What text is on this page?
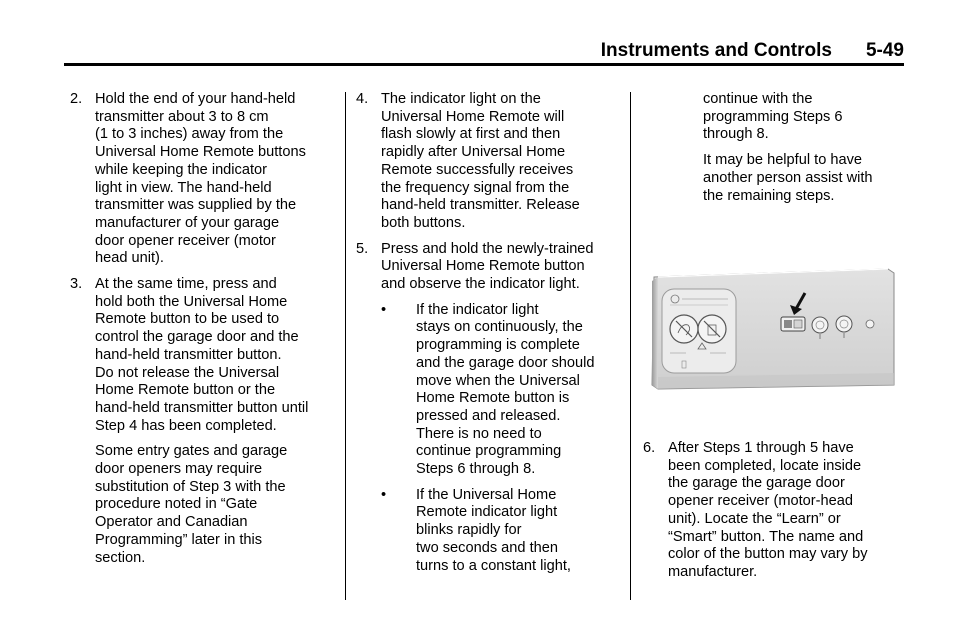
Instruments and Controls 5-49
2. Hold the end of your hand-held
transmitter about 3 to 8 cm
(1 to 3 inches) away from the
Universal Home Remote buttons
while keeping the indicator
light in view. The hand-held
transmitter was supplied by the
manufacturer of your garage
door opener receiver (motor
head unit).
3. At the same time, press and
hold both the Universal Home
Remote button to be used to
control the garage door and the
hand-held transmitter button.
Do not release the Universal
Home Remote button or the
hand-held transmitter button until
Step 4 has been completed.

Some entry gates and garage
door openers may require
substitution of Step 3 with the
procedure noted in “Gate
Operator and Canadian
Programming” later in this
section.

4. The indicator light on the
Universal Home Remote will
flash slowly at first and then
rapidly after Universal Home
Remote successfully receives
the frequency signal from the
hand-held transmitter. Release
both buttons.
5. Press and hold the newly-trained
Universal Home Remote button
and observe the indicator light.
• If the indicator light
stays on continuously, the
programming is complete
and the garage door should
move when the Universal
Home Remote button is
pressed and released.
There is no need to
continue programming
Steps 6 through 8.
• If the Universal Home
Remote indicator light
blinks rapidly for
two seconds and then
turns to a constant light,

continue with the
programming Steps 6
through 8.

It may be helpful to have
another person assist with
the remaining steps.

6. After Steps 1 through 5 have
been completed, locate inside
the garage the garage door
opener receiver (motor-head
unit). Locate the “Learn” or
“Smart” button. The name and
color of the button may vary by
manufacturer.
